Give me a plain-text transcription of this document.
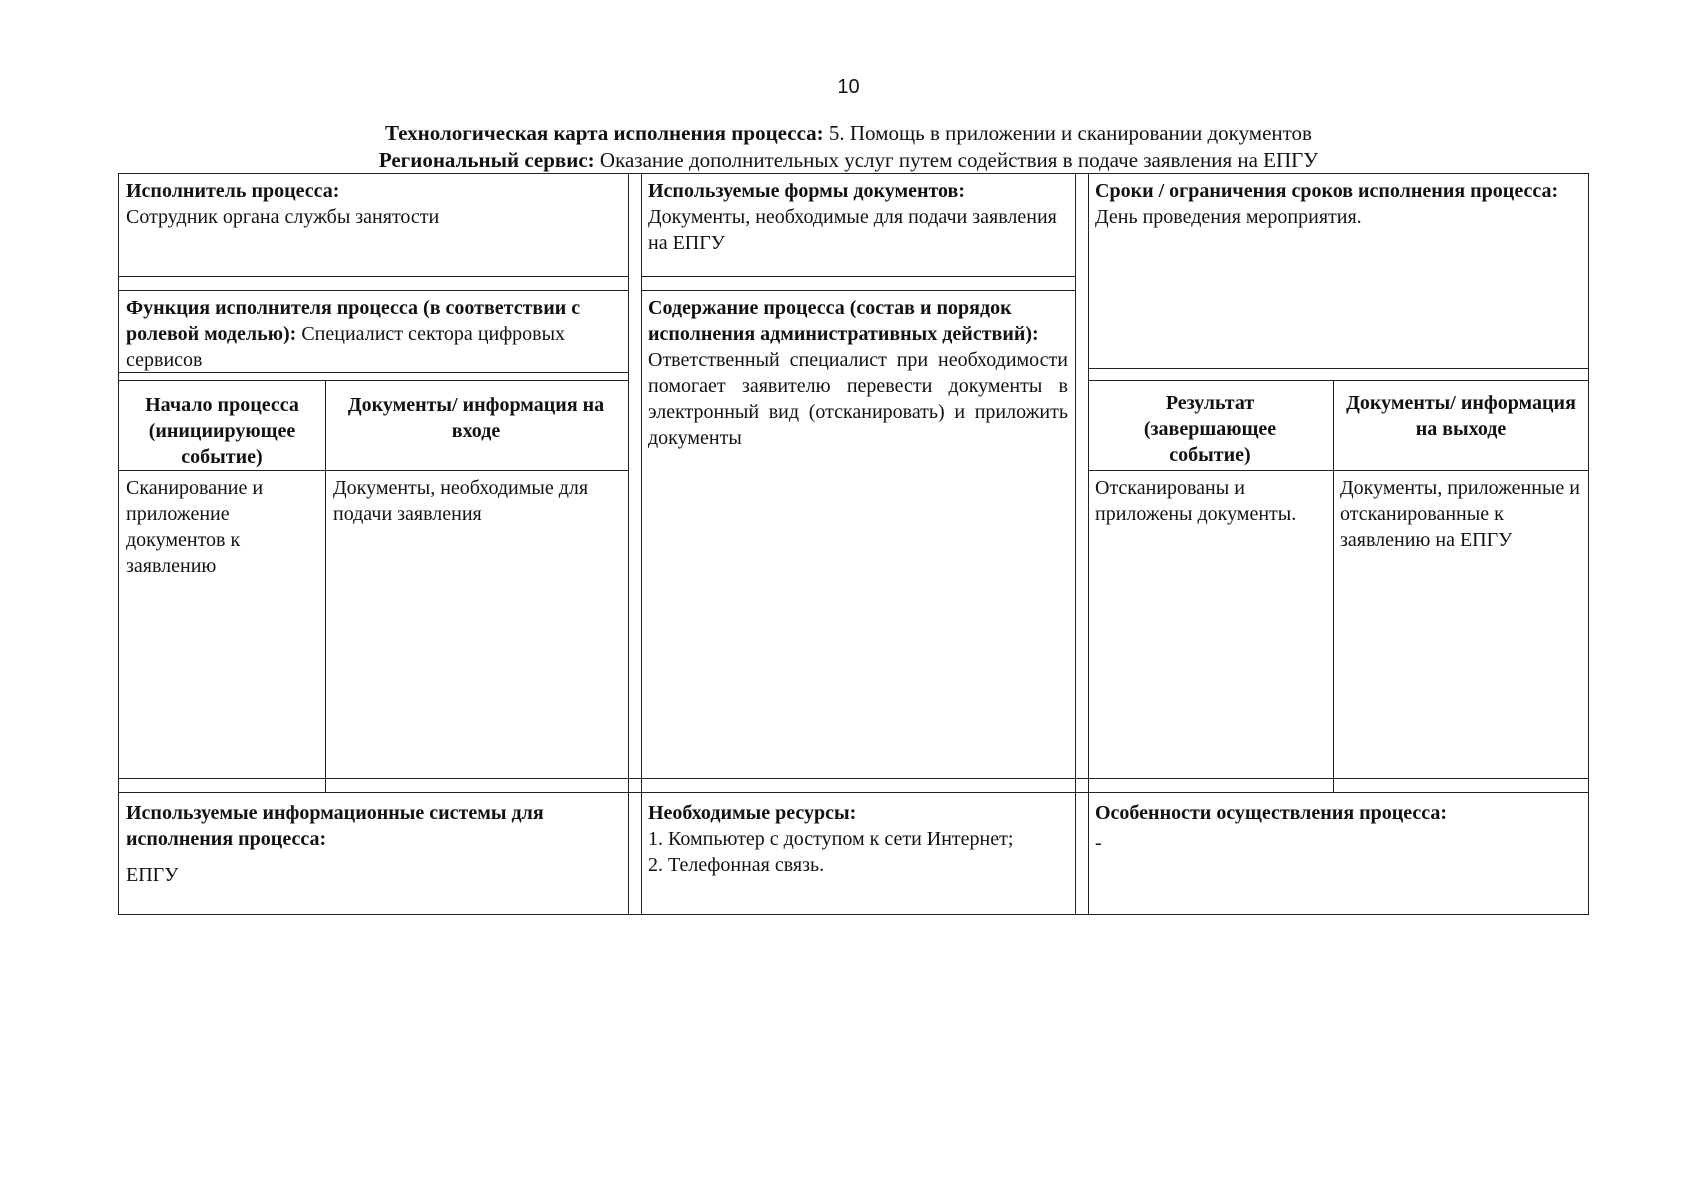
10
Технологическая карта исполнения процесса: 5. Помощь в приложении и сканировании документов
Региональный сервис: Оказание дополнительных услуг путем содействия в подаче заявления на ЕПГУ
Исполнитель процесса:
Сотрудник органа службы занятости
Используемые формы документов:
Документы, необходимые для подачи заявления на ЕПГУ
Сроки / ограничения сроков исполнения процесса:
День проведения мероприятия.
Функция исполнителя процесса (в соответствии с ролевой моделью): Специалист сектора цифровых сервисов
Содержание процесса (состав и порядок исполнения административных действий):
Ответственный специалист при необходимости помогает заявителю перевести документы в электронный вид (отсканировать) и приложить документы
Начало процесса (инициирующее событие)
Документы/ информация на входе
Результат (завершающее событие)
Документы/ информация на выходе
Сканирование и приложение документов к заявлению
Документы, необходимые для подачи заявления
Отсканированы и приложены документы.
Документы, приложенные и отсканированные к заявлению на ЕПГУ
Используемые информационные системы для исполнения процесса:
ЕПГУ
Необходимые ресурсы:
1. Компьютер с доступом к сети Интернет;
2. Телефонная связь.
Особенности осуществления процесса:
-
